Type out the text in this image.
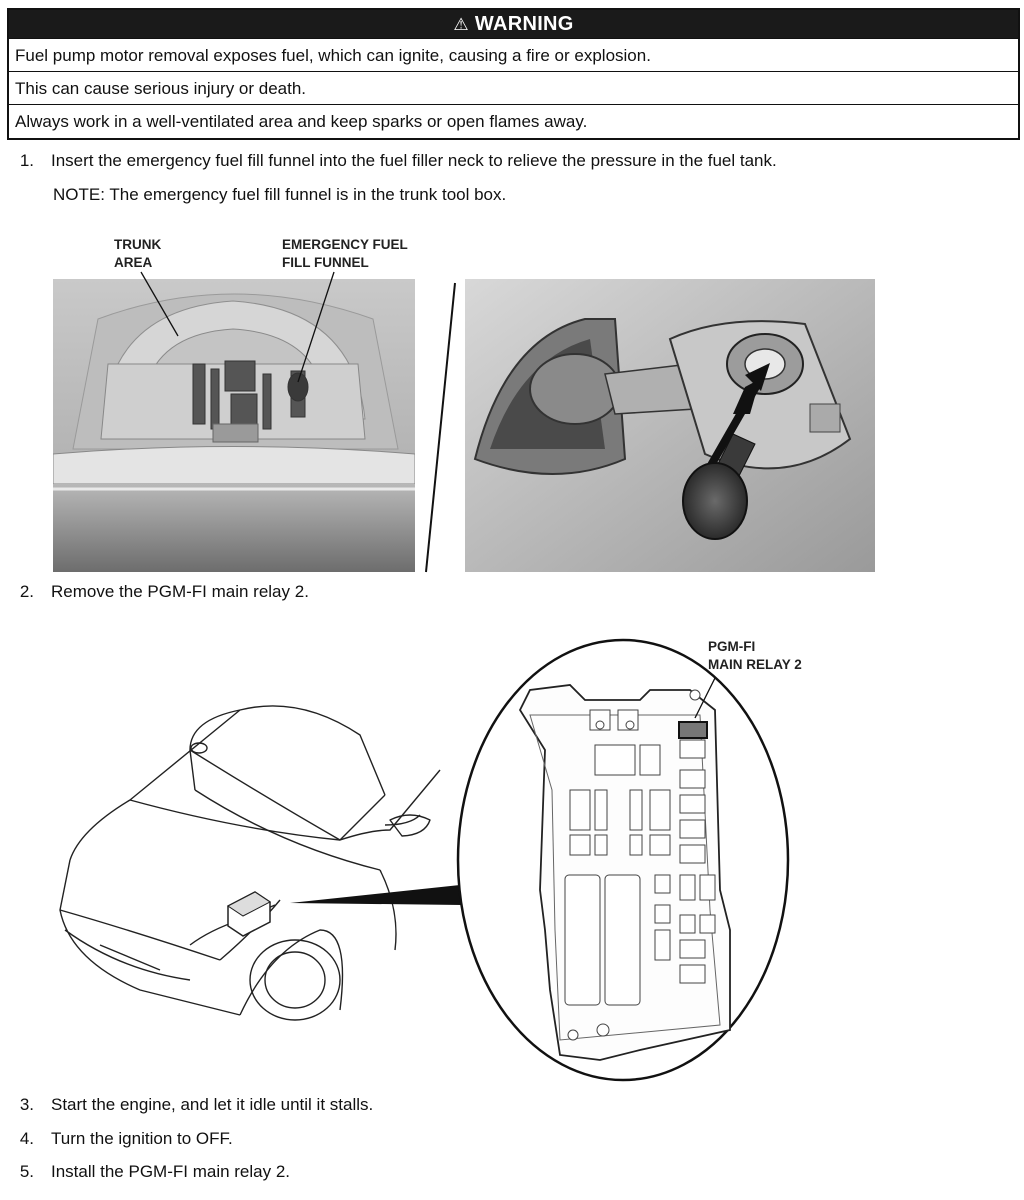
⚠ WARNING
Fuel pump motor removal exposes fuel, which can ignite, causing a fire or explosion.
This can cause serious injury or death.
Always work in a well-ventilated area and keep sparks or open flames away.
1. Insert the emergency fuel fill funnel into the fuel filler neck to relieve the pressure in the fuel tank.
NOTE: The emergency fuel fill funnel is in the trunk tool box.
TRUNK
AREA
EMERGENCY FUEL
FILL FUNNEL
2. Remove the PGM-FI main relay 2.
PGM-FI
MAIN RELAY 2
3. Start the engine, and let it idle until it stalls.
4. Turn the ignition to OFF.
5. Install the PGM-FI main relay 2.
